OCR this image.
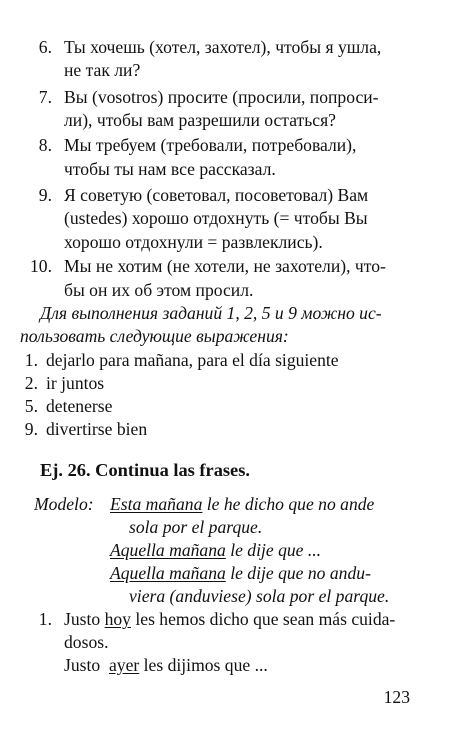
6. Ты хочешь (хотел, захотел), чтобы я ушла,
не так ли?
7. Вы (vosotros) просите (просили, попроси-
ли), чтобы вам разрешили остаться?
8. Мы требуем (требовали, потребовали),
чтобы ты нам все рассказал.
9. Я советую (советовал, посоветовал) Вам
(ustedes) хорошо отдохнуть (= чтобы Вы
хорошо отдохнули = развлеклись).
10. Мы не хотим (не хотели, не захотели), что-
бы он их об этом просил.
Для выполнения заданий 1, 2, 5 и 9 можно ис-
пользовать следующие выражения:
1. dejarlo para mañana, para el día siguiente
2. ir juntos
5. detenerse
9. divertirse bien
Ej. 26. Continua las frases.
Modelo: Esta mañana le he dicho que no ande
sola por el parque.
Aquella mañana le dije que ...
Aquella mañana le dije que no andu-
viera (anduviese) sola por el parque.
1. Justo hoy les hemos dicho que sean más cuida-
dosos.
Justo  ayer les dijimos que ...
123
